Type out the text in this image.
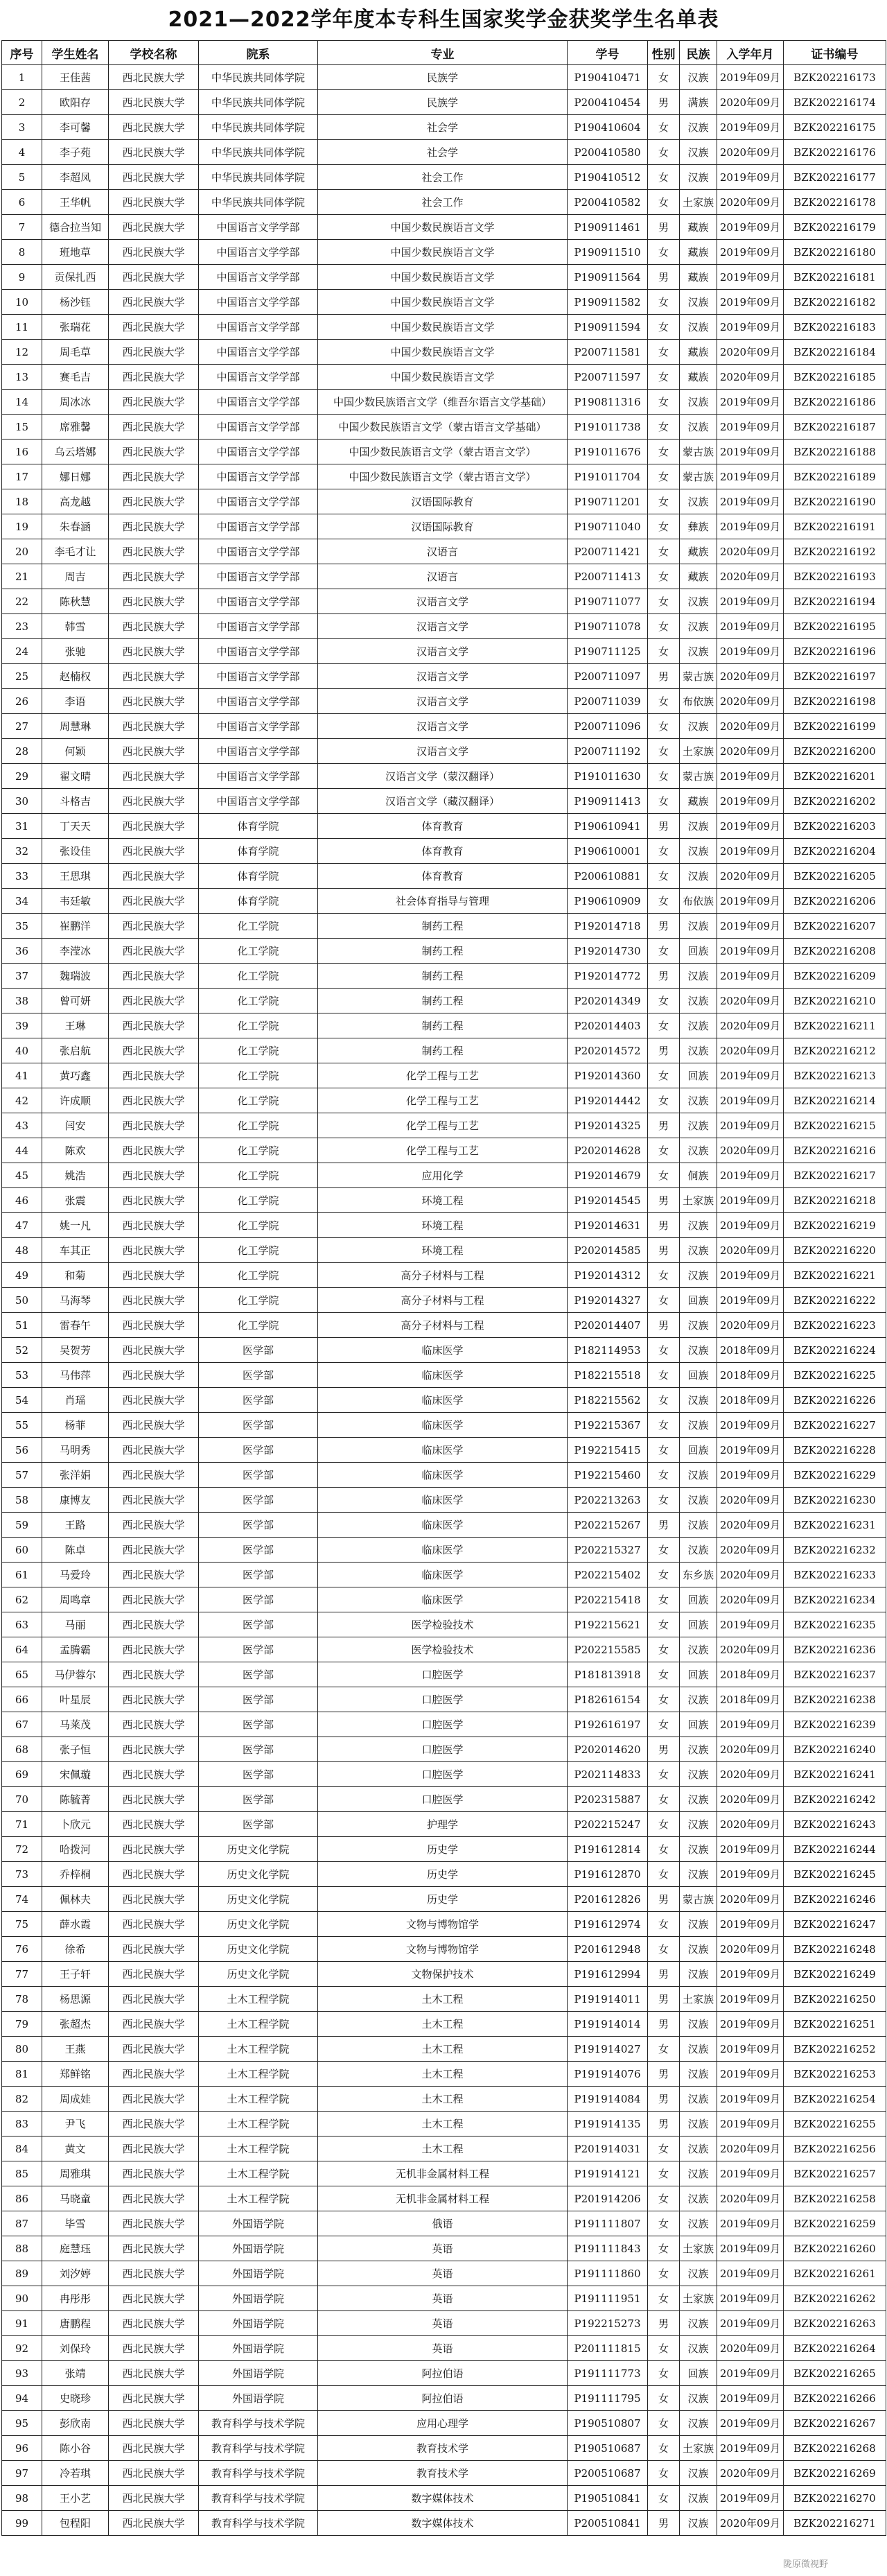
2021—2022学年度本专科生国家奖学金获奖学生名单表
序号	学生姓名	学校名称	院系	专业	学号	性别	民族	入学年月	证书编号
1	王佳茜	西北民族大学	中华民族共同体学院	民族学	P190410471	女	汉族	2019年09月	BZK202216173
2	欧阳存	西北民族大学	中华民族共同体学院	民族学	P200410454	男	满族	2020年09月	BZK202216174
3	李可馨	西北民族大学	中华民族共同体学院	社会学	P190410604	女	汉族	2019年09月	BZK202216175
4	李子苑	西北民族大学	中华民族共同体学院	社会学	P200410580	女	汉族	2020年09月	BZK202216176
5	李超凤	西北民族大学	中华民族共同体学院	社会工作	P190410512	女	汉族	2019年09月	BZK202216177
6	王华帆	西北民族大学	中华民族共同体学院	社会工作	P200410582	女	土家族	2020年09月	BZK202216178
7	德合拉当知	西北民族大学	中国语言文学学部	中国少数民族语言文学	P190911461	男	藏族	2019年09月	BZK202216179
8	班地草	西北民族大学	中国语言文学学部	中国少数民族语言文学	P190911510	女	藏族	2019年09月	BZK202216180
9	贡保扎西	西北民族大学	中国语言文学学部	中国少数民族语言文学	P190911564	男	藏族	2019年09月	BZK202216181
10	杨沙钰	西北民族大学	中国语言文学学部	中国少数民族语言文学	P190911582	女	汉族	2019年09月	BZK202216182
11	张瑞花	西北民族大学	中国语言文学学部	中国少数民族语言文学	P190911594	女	汉族	2019年09月	BZK202216183
12	周毛草	西北民族大学	中国语言文学学部	中国少数民族语言文学	P200711581	女	藏族	2020年09月	BZK202216184
13	赛毛吉	西北民族大学	中国语言文学学部	中国少数民族语言文学	P200711597	女	藏族	2020年09月	BZK202216185
14	周冰冰	西北民族大学	中国语言文学学部	中国少数民族语言文学（维吾尔语言文学基础）	P190811316	女	汉族	2019年09月	BZK202216186
15	席雅馨	西北民族大学	中国语言文学学部	中国少数民族语言文学（蒙古语言文学基础）	P191011738	女	汉族	2019年09月	BZK202216187
16	乌云塔娜	西北民族大学	中国语言文学学部	中国少数民族语言文学（蒙古语言文学）	P191011676	女	蒙古族	2019年09月	BZK202216188
17	娜日娜	西北民族大学	中国语言文学学部	中国少数民族语言文学（蒙古语言文学）	P191011704	女	蒙古族	2019年09月	BZK202216189
18	高龙越	西北民族大学	中国语言文学学部	汉语国际教育	P190711201	女	汉族	2019年09月	BZK202216190
19	朱春涵	西北民族大学	中国语言文学学部	汉语国际教育	P190711040	女	彝族	2019年09月	BZK202216191
20	李毛才让	西北民族大学	中国语言文学学部	汉语言	P200711421	女	藏族	2020年09月	BZK202216192
21	周吉	西北民族大学	中国语言文学学部	汉语言	P200711413	女	藏族	2020年09月	BZK202216193
22	陈秋慧	西北民族大学	中国语言文学学部	汉语言文学	P190711077	女	汉族	2019年09月	BZK202216194
23	韩雪	西北民族大学	中国语言文学学部	汉语言文学	P190711078	女	汉族	2019年09月	BZK202216195
24	张驰	西北民族大学	中国语言文学学部	汉语言文学	P190711125	女	汉族	2019年09月	BZK202216196
25	赵楠权	西北民族大学	中国语言文学学部	汉语言文学	P200711097	男	蒙古族	2020年09月	BZK202216197
26	李语	西北民族大学	中国语言文学学部	汉语言文学	P200711039	女	布依族	2020年09月	BZK202216198
27	周慧琳	西北民族大学	中国语言文学学部	汉语言文学	P200711096	女	汉族	2020年09月	BZK202216199
28	何颖	西北民族大学	中国语言文学学部	汉语言文学	P200711192	女	土家族	2020年09月	BZK202216200
29	翟文晴	西北民族大学	中国语言文学学部	汉语言文学（蒙汉翻译）	P191011630	女	蒙古族	2019年09月	BZK202216201
30	斗格吉	西北民族大学	中国语言文学学部	汉语言文学（藏汉翻译）	P190911413	女	藏族	2019年09月	BZK202216202
31	丁天天	西北民族大学	体育学院	体育教育	P190610941	男	汉族	2019年09月	BZK202216203
32	张设佳	西北民族大学	体育学院	体育教育	P190610001	女	汉族	2019年09月	BZK202216204
33	王思琪	西北民族大学	体育学院	体育教育	P200610881	女	汉族	2020年09月	BZK202216205
34	韦廷敏	西北民族大学	体育学院	社会体育指导与管理	P190610909	女	布依族	2019年09月	BZK202216206
35	崔鹏洋	西北民族大学	化工学院	制药工程	P192014718	男	汉族	2019年09月	BZK202216207
36	李滢冰	西北民族大学	化工学院	制药工程	P192014730	女	回族	2019年09月	BZK202216208
37	魏瑞波	西北民族大学	化工学院	制药工程	P192014772	男	汉族	2019年09月	BZK202216209
38	曾可妍	西北民族大学	化工学院	制药工程	P202014349	女	汉族	2020年09月	BZK202216210
39	王琳	西北民族大学	化工学院	制药工程	P202014403	女	汉族	2020年09月	BZK202216211
40	张启航	西北民族大学	化工学院	制药工程	P202014572	男	汉族	2020年09月	BZK202216212
41	黄巧鑫	西北民族大学	化工学院	化学工程与工艺	P192014360	女	回族	2019年09月	BZK202216213
42	许成顺	西北民族大学	化工学院	化学工程与工艺	P192014442	女	汉族	2019年09月	BZK202216214
43	闫安	西北民族大学	化工学院	化学工程与工艺	P192014325	男	汉族	2019年09月	BZK202216215
44	陈欢	西北民族大学	化工学院	化学工程与工艺	P202014628	女	汉族	2020年09月	BZK202216216
45	姚浩	西北民族大学	化工学院	应用化学	P192014679	女	侗族	2019年09月	BZK202216217
46	张震	西北民族大学	化工学院	环境工程	P192014545	男	土家族	2019年09月	BZK202216218
47	姚一凡	西北民族大学	化工学院	环境工程	P192014631	男	汉族	2019年09月	BZK202216219
48	车其正	西北民族大学	化工学院	环境工程	P202014585	男	汉族	2020年09月	BZK202216220
49	和菊	西北民族大学	化工学院	高分子材料与工程	P192014312	女	汉族	2019年09月	BZK202216221
50	马海琴	西北民族大学	化工学院	高分子材料与工程	P192014327	女	回族	2019年09月	BZK202216222
51	雷春午	西北民族大学	化工学院	高分子材料与工程	P202014407	男	汉族	2020年09月	BZK202216223
52	吴贺芳	西北民族大学	医学部	临床医学	P182114953	女	汉族	2018年09月	BZK202216224
53	马伟萍	西北民族大学	医学部	临床医学	P182215518	女	回族	2018年09月	BZK202216225
54	肖瑶	西北民族大学	医学部	临床医学	P182215562	女	汉族	2018年09月	BZK202216226
55	杨菲	西北民族大学	医学部	临床医学	P192215367	女	汉族	2019年09月	BZK202216227
56	马明秀	西北民族大学	医学部	临床医学	P192215415	女	回族	2019年09月	BZK202216228
57	张洋娟	西北民族大学	医学部	临床医学	P192215460	女	汉族	2019年09月	BZK202216229
58	康博友	西北民族大学	医学部	临床医学	P202213263	女	汉族	2020年09月	BZK202216230
59	王路	西北民族大学	医学部	临床医学	P202215267	男	汉族	2020年09月	BZK202216231
60	陈卓	西北民族大学	医学部	临床医学	P202215327	女	汉族	2020年09月	BZK202216232
61	马爱玲	西北民族大学	医学部	临床医学	P202215402	女	东乡族	2020年09月	BZK202216233
62	周鸣章	西北民族大学	医学部	临床医学	P202215418	女	回族	2020年09月	BZK202216234
63	马丽	西北民族大学	医学部	医学检验技术	P192215621	女	回族	2019年09月	BZK202216235
64	孟腾霸	西北民族大学	医学部	医学检验技术	P202215585	女	汉族	2020年09月	BZK202216236
65	马伊蓉尔	西北民族大学	医学部	口腔医学	P181813918	女	回族	2018年09月	BZK202216237
66	叶星辰	西北民族大学	医学部	口腔医学	P182616154	女	汉族	2018年09月	BZK202216238
67	马莱茂	西北民族大学	医学部	口腔医学	P192616197	女	回族	2019年09月	BZK202216239
68	张子恒	西北民族大学	医学部	口腔医学	P202014620	男	汉族	2020年09月	BZK202216240
69	宋佩璇	西北民族大学	医学部	口腔医学	P202114833	女	汉族	2020年09月	BZK202216241
70	陈毓菁	西北民族大学	医学部	口腔医学	P202315887	女	汉族	2020年09月	BZK202216242
71	卜欣元	西北民族大学	医学部	护理学	P202215247	女	汉族	2020年09月	BZK202216243
72	哈拨河	西北民族大学	历史文化学院	历史学	P191612814	女	汉族	2019年09月	BZK202216244
73	乔梓桐	西北民族大学	历史文化学院	历史学	P191612870	女	汉族	2019年09月	BZK202216245
74	佩林夫	西北民族大学	历史文化学院	历史学	P201612826	男	蒙古族	2020年09月	BZK202216246
75	薛水霞	西北民族大学	历史文化学院	文物与博物馆学	P191612974	女	汉族	2019年09月	BZK202216247
76	徐希	西北民族大学	历史文化学院	文物与博物馆学	P201612948	女	汉族	2020年09月	BZK202216248
77	王子轩	西北民族大学	历史文化学院	文物保护技术	P191612994	男	汉族	2019年09月	BZK202216249
78	杨思源	西北民族大学	土木工程学院	土木工程	P191914011	男	土家族	2019年09月	BZK202216250
79	张超杰	西北民族大学	土木工程学院	土木工程	P191914014	男	汉族	2019年09月	BZK202216251
80	王燕	西北民族大学	土木工程学院	土木工程	P191914027	女	汉族	2019年09月	BZK202216252
81	郑鲜铭	西北民族大学	土木工程学院	土木工程	P191914076	男	汉族	2019年09月	BZK202216253
82	周成娃	西北民族大学	土木工程学院	土木工程	P191914084	男	汉族	2019年09月	BZK202216254
83	尹飞	西北民族大学	土木工程学院	土木工程	P191914135	男	汉族	2019年09月	BZK202216255
84	黄文	西北民族大学	土木工程学院	土木工程	P201914031	女	汉族	2020年09月	BZK202216256
85	周雅琪	西北民族大学	土木工程学院	无机非金属材料工程	P191914121	女	汉族	2019年09月	BZK202216257
86	马晓童	西北民族大学	土木工程学院	无机非金属材料工程	P201914206	女	汉族	2020年09月	BZK202216258
87	毕雪	西北民族大学	外国语学院	俄语	P191111807	女	汉族	2019年09月	BZK202216259
88	庭慧珏	西北民族大学	外国语学院	英语	P191111843	女	土家族	2019年09月	BZK202216260
89	刘汐婷	西北民族大学	外国语学院	英语	P191111860	女	汉族	2019年09月	BZK202216261
90	冉彤彤	西北民族大学	外国语学院	英语	P191111951	女	土家族	2019年09月	BZK202216262
91	唐鹏程	西北民族大学	外国语学院	英语	P192215273	男	汉族	2019年09月	BZK202216263
92	刘保玲	西北民族大学	外国语学院	英语	P201111815	女	汉族	2020年09月	BZK202216264
93	张靖	西北民族大学	外国语学院	阿拉伯语	P191111773	女	回族	2019年09月	BZK202216265
94	史晓珍	西北民族大学	外国语学院	阿拉伯语	P191111795	女	汉族	2019年09月	BZK202216266
95	彭欣南	西北民族大学	教育科学与技术学院	应用心理学	P190510807	女	汉族	2019年09月	BZK202216267
96	陈小谷	西北民族大学	教育科学与技术学院	教育技术学	P190510687	女	土家族	2019年09月	BZK202216268
97	冷若琪	西北民族大学	教育科学与技术学院	教育技术学	P200510687	女	汉族	2020年09月	BZK202216269
98	王小艺	西北民族大学	教育科学与技术学院	数字媒体技术	P190510841	女	汉族	2019年09月	BZK202216270
99	包程阳	西北民族大学	教育科学与技术学院	数字媒体技术	P200510841	男	汉族	2020年09月	BZK202216271
陇原微视野
